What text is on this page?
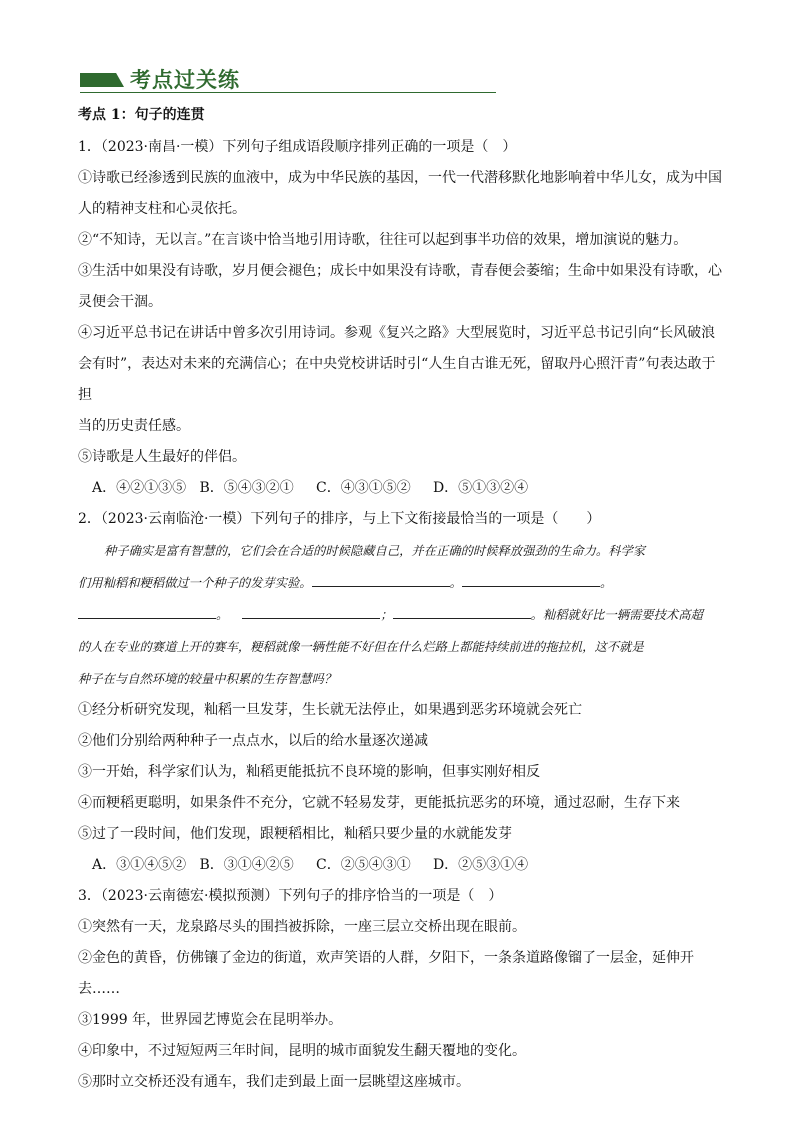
考点过关练
考点 1：句子的连贯

1．（2023·南昌·一模）下列句子组成语段顺序排列正确的一项是（　）

①诗歌已经渗透到民族的血液中，成为中华民族的基因，一代一代潜移默化地影响着中华儿女，成为中国

人的精神支柱和心灵依托。

②“不知诗，无以言。”在言谈中恰当地引用诗歌，往往可以起到事半功倍的效果，增加演说的魅力。

③生活中如果没有诗歌，岁月便会褪色；成长中如果没有诗歌，青春便会萎缩；生命中如果没有诗歌，心

灵便会干涸。

④习近平总书记在讲话中曾多次引用诗词。参观《复兴之路》大型展览时，习近平总书记引向“长风破浪

会有时”，表达对未来的充满信心；在中央党校讲话时引“人生自古谁无死，留取丹心照汗青”句表达敢于担

当的历史责任感。

⑤诗歌是人生最好的伴侣。

A．④②①③⑤   B．⑤④③②①     C．④③①⑤②     D．⑤①③②④

2．（2023·云南临沧·一模）下列句子的排序，与上下文衔接最恰当的一项是（　　）

种子确实是富有智慧的，它们会在合适的时候隐藏自己，并在正确的时候释放强劲的生命力。科学家

们用籼稻和粳稻做过一个种子的发芽实验。	。	。

。	；	。籼稻就好比一辆需要技术高超

的人在专业的赛道上开的赛车，粳稻就像一辆性能不好但在什么烂路上都能持续前进的拖拉机，这不就是

种子在与自然环境的较量中积累的生存智慧吗？

①经分析研究发现，籼稻一旦发芽，生长就无法停止，如果遇到恶劣环境就会死亡

②他们分别给两种种子一点点水，以后的给水量逐次递减

③一开始，科学家们认为，籼稻更能抵抗不良环境的影响，但事实刚好相反

④而粳稻更聪明，如果条件不充分，它就不轻易发芽，更能抵抗恶劣的环境，通过忍耐，生存下来

⑤过了一段时间，他们发现，跟粳稻相比，籼稻只要少量的水就能发芽

A．③①④⑤②   B．③①④②⑤     C．②⑤④③①     D．②⑤③①④

3．（2023·云南德宏·模拟预测）下列句子的排序恰当的一项是（　）

①突然有一天，龙泉路尽头的围挡被拆除，一座三层立交桥出现在眼前。

②金色的黄昏，仿佛镶了金边的街道，欢声笑语的人群，夕阳下，一条条道路像镏了一层金，延伸开

去……

③1999 年，世界园艺博览会在昆明举办。

④印象中，不过短短两三年时间，昆明的城市面貌发生翻天覆地的变化。

⑤那时立交桥还没有通车，我们走到最上面一层眺望这座城市。
